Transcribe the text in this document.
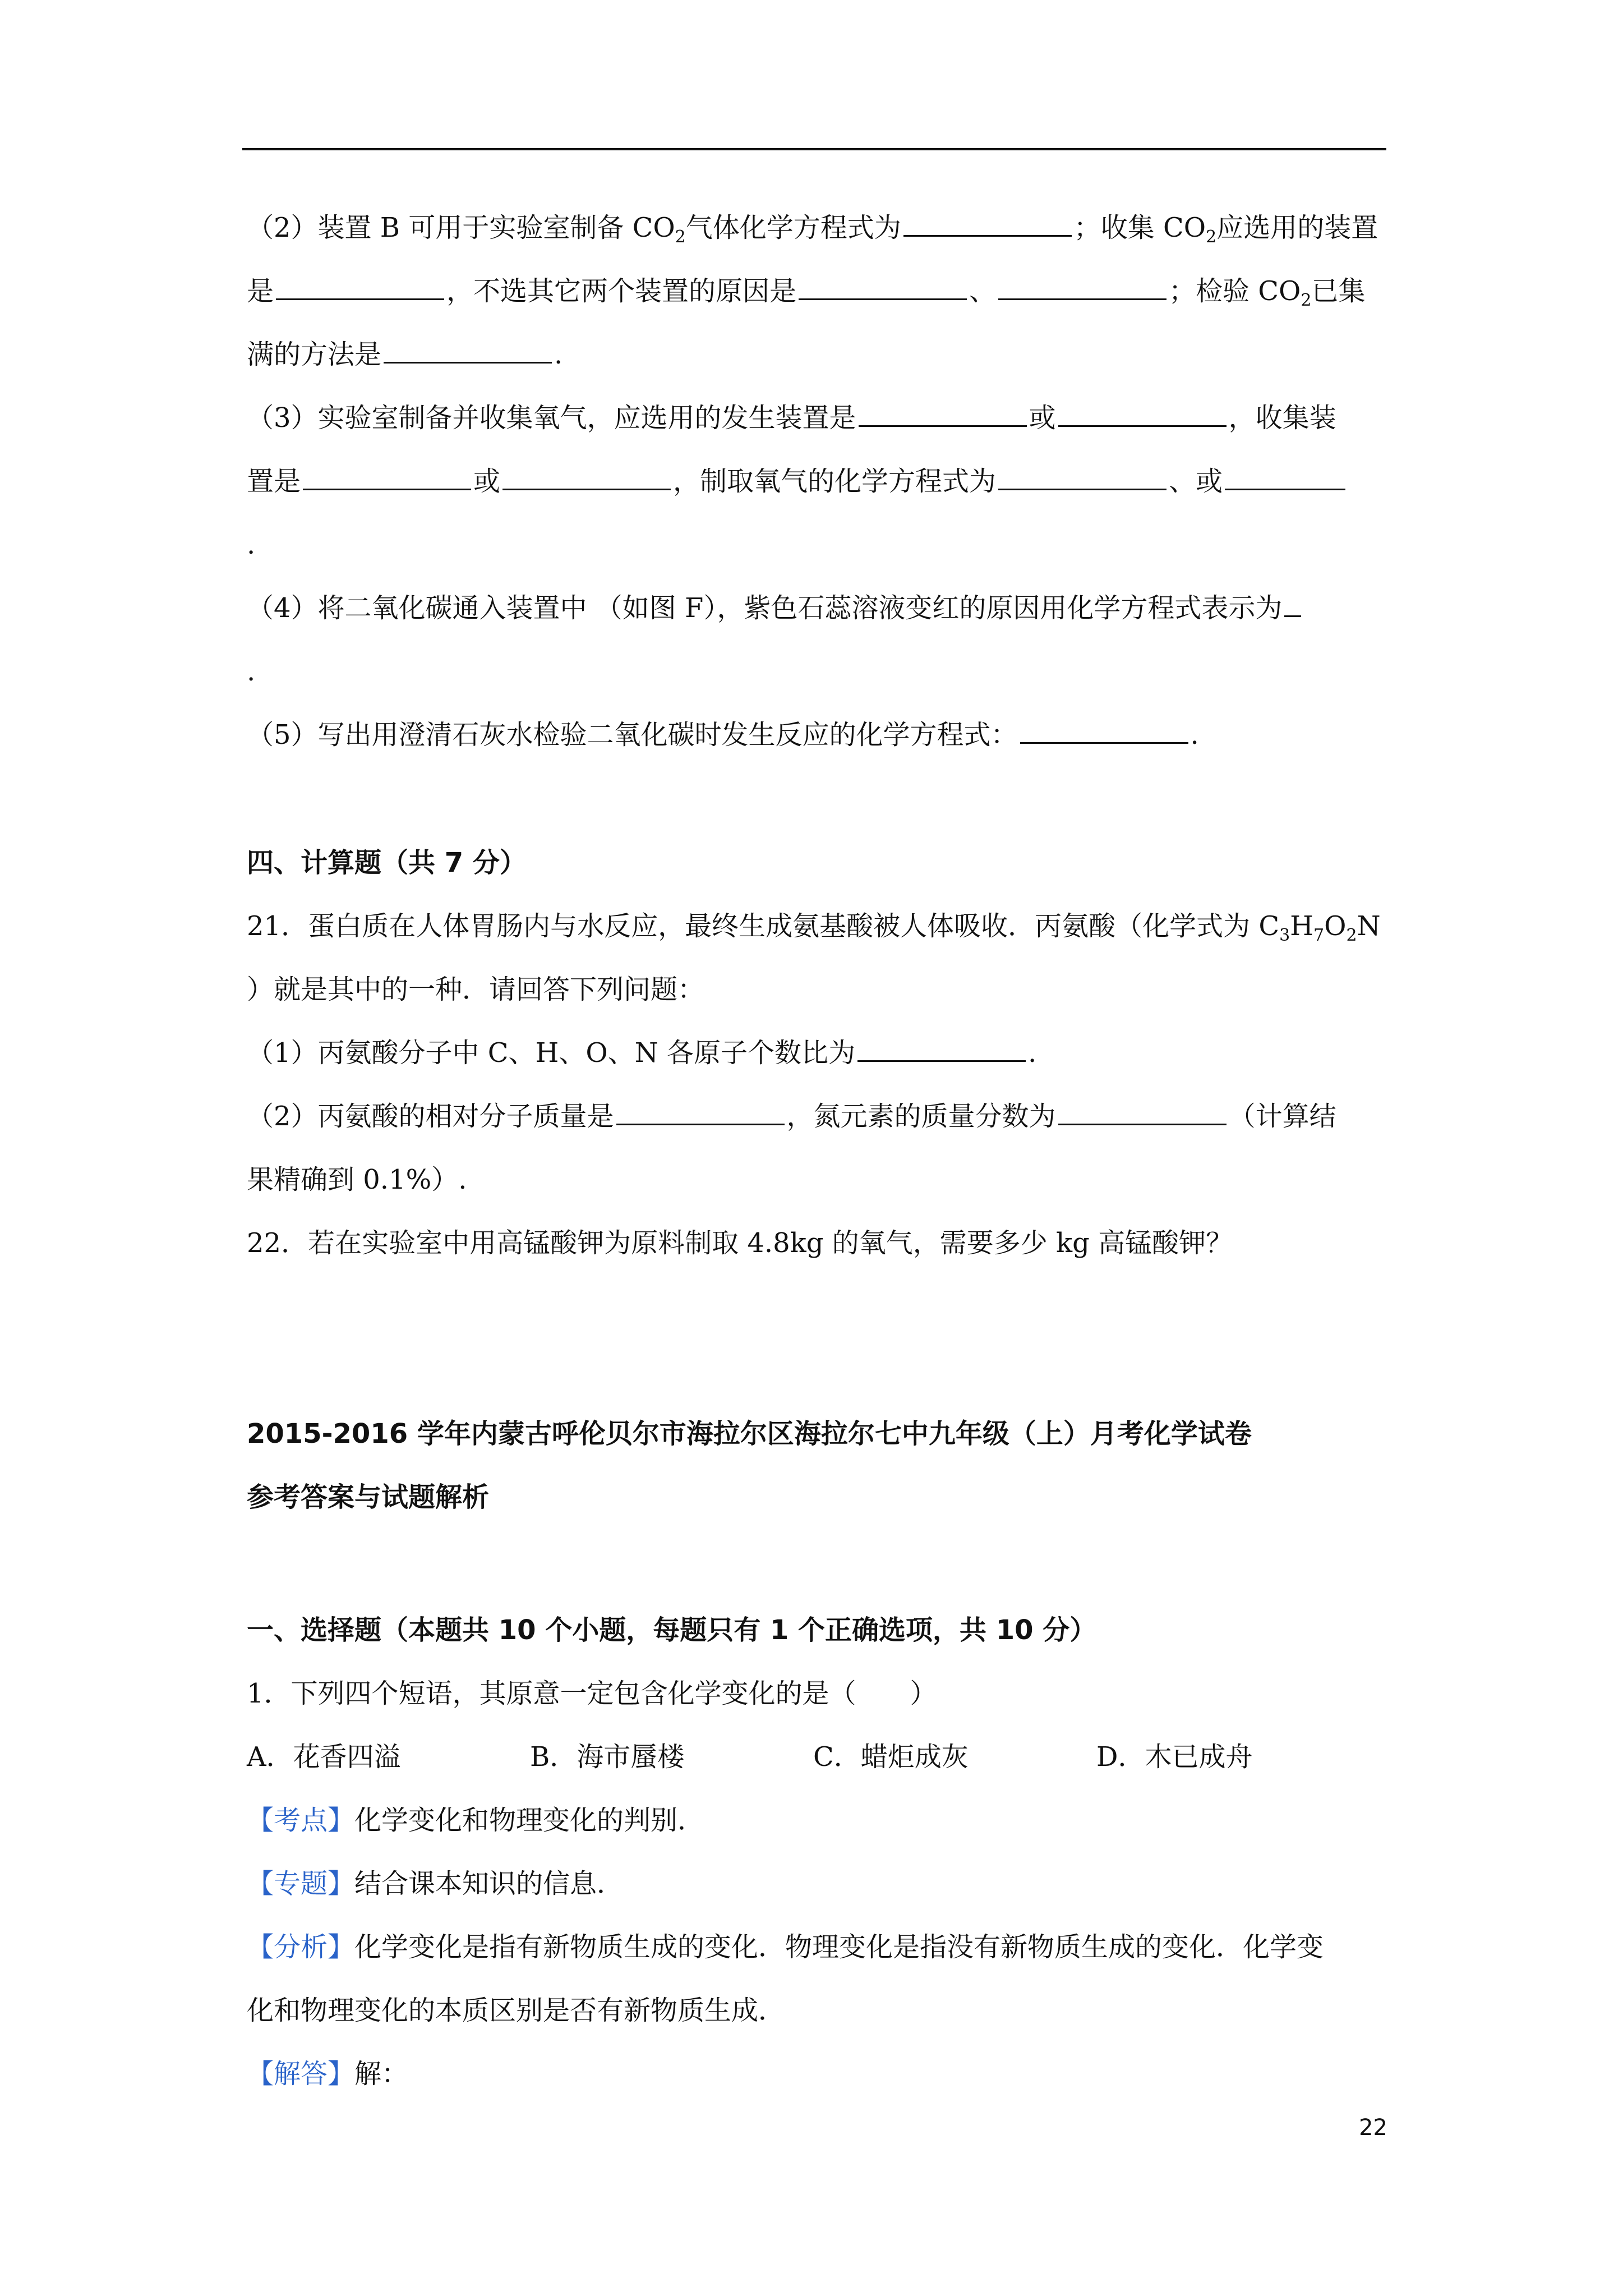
（2）装置 B 可用于实验室制备 $CO_2$气体化学方程式为	；收集 $CO_2$应选用的装置
是	，不选其它两个装置的原因是	、	；检验 $CO_2$已集
满的方法是	.
（3）实验室制备并收集氧气，应选用的发生装置是	或	，收集装
置是	或	，制取氧气的化学方程式为	、或
.
（4）将二氧化碳通入装置中 （如图 F），紫色石蕊溶液变红的原因用化学方程式表示为
.
（5）写出用澄清石灰水检验二氧化碳时发生反应的化学方程式：	.
四、计算题（共 7 分）
21．蛋白质在人体胃肠内与水反应，最终生成氨基酸被人体吸收．丙氨酸（化学式为 $C_3H_7O_2N$
）就是其中的一种．请回答下列问题：
（1）丙氨酸分子中 C、H、O、N 各原子个数比为	.
（2）丙氨酸的相对分子质量是	，氮元素的质量分数为	（计算结
果精确到 0.1%）.
22．若在实验室中用高锰酸钾为原料制取 4.8kg 的氧气，需要多少 kg 高锰酸钾？
2015-2016 学年内蒙古呼伦贝尔市海拉尔区海拉尔七中九年级（上）月考化学试卷
参考答案与试题解析
一、选择题（本题共 10 个小题，每题只有 1 个正确选项，共 10 分）
1．下列四个短语，其原意一定包含化学变化的是（　　）
A．花香四溢	B．海市蜃楼	C．蜡炬成灰	D．木已成舟
【考点】化学变化和物理变化的判别．
【专题】结合课本知识的信息．
【分析】化学变化是指有新物质生成的变化．物理变化是指没有新物质生成的变化．化学变
化和物理变化的本质区别是否有新物质生成．
【解答】解：
22
